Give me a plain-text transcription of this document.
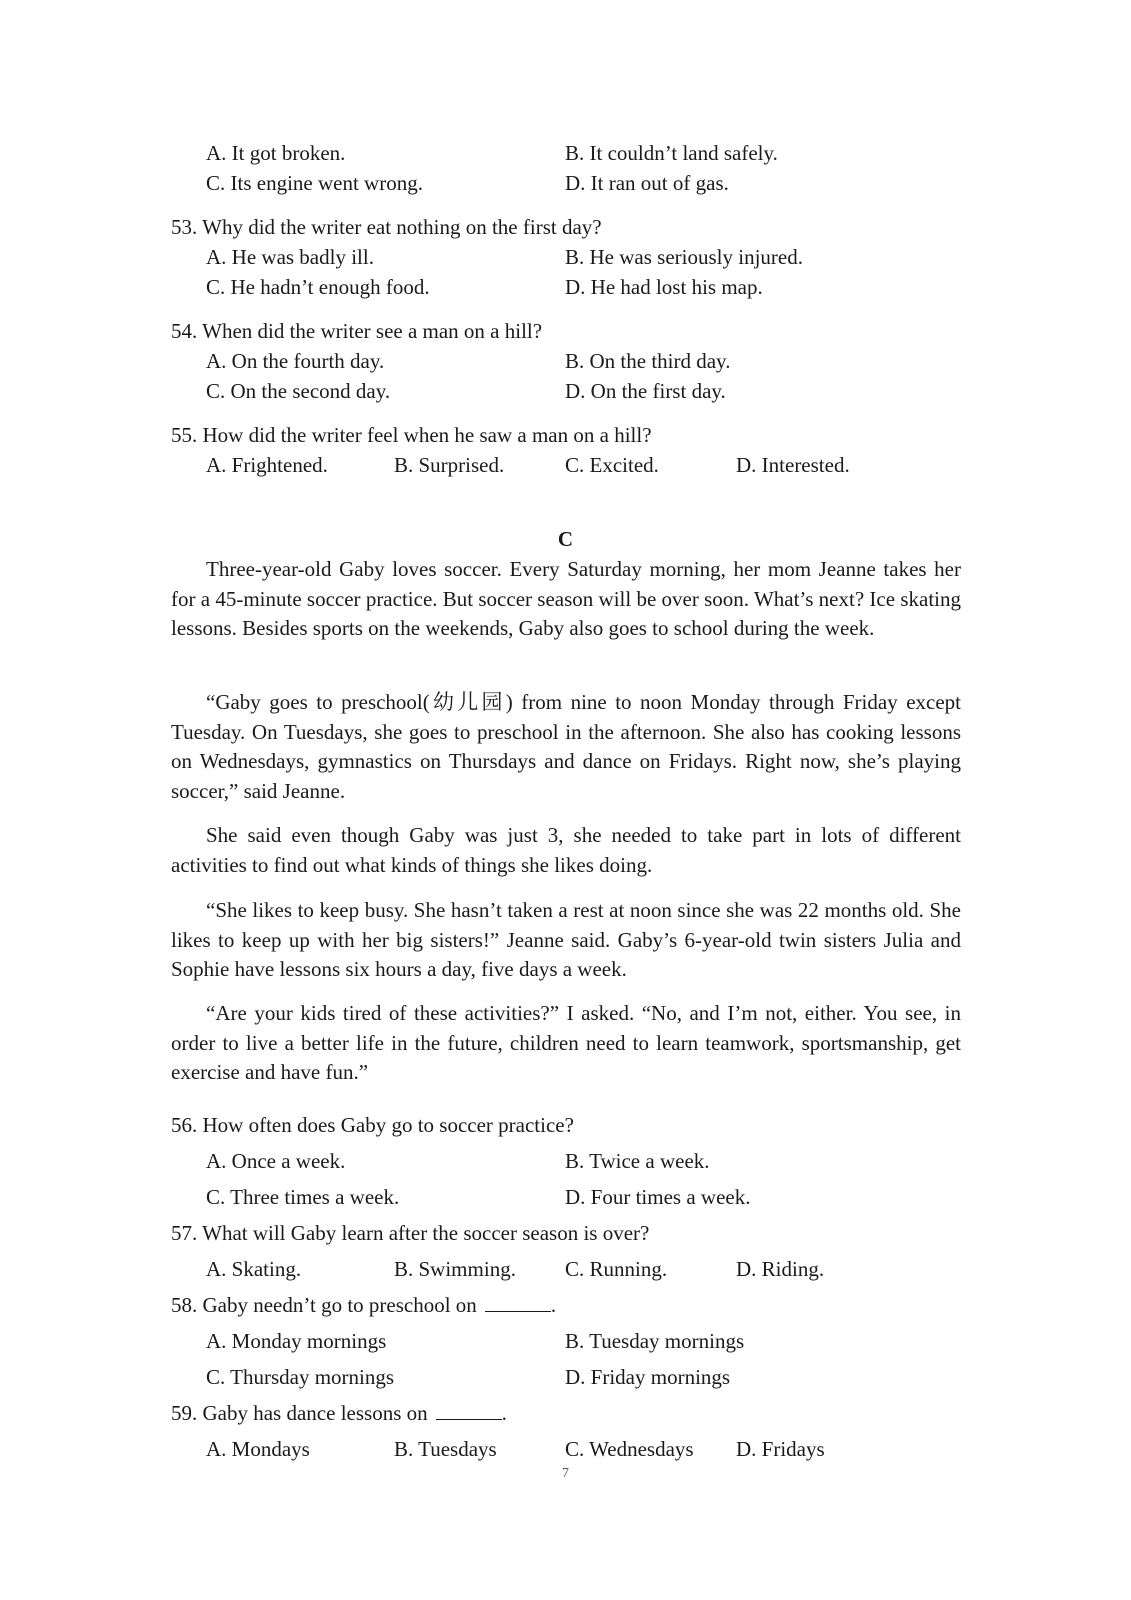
A. It got broken.	B. It couldn’t land safely.
C. Its engine went wrong.	D. It ran out of gas.
53. Why did the writer eat nothing on the first day?
A. He was badly ill.	B. He was seriously injured.
C. He hadn’t enough food.	D. He had lost his map.
54. When did the writer see a man on a hill?
A. On the fourth day.	B. On the third day.
C. On the second day.	D. On the first day.
55. How did the writer feel when he saw a man on a hill?
A. Frightened.	B. Surprised.	C. Excited.	D. Interested.
C
Three-year-old Gaby loves soccer. Every Saturday morning, her mom Jeanne takes her for a 45-minute soccer practice. But soccer season will be over soon. What’s next? Ice skating lessons. Besides sports on the weekends, Gaby also goes to school during the week.
“Gaby goes to preschool(幼儿园) from nine to noon Monday through Friday except Tuesday. On Tuesdays, she goes to preschool in the afternoon. She also has cooking lessons on Wednesdays, gymnastics on Thursdays and dance on Fridays. Right now, she’s playing soccer,” said Jeanne.
She said even though Gaby was just 3, she needed to take part in lots of different activities to find out what kinds of things she likes doing.
“She likes to keep busy. She hasn’t taken a rest at noon since she was 22 months old. She likes to keep up with her big sisters!” Jeanne said. Gaby’s 6-year-old twin sisters Julia and Sophie have lessons six hours a day, five days a week.
“Are your kids tired of these activities?” I asked. “No, and I’m not, either. You see, in order to live a better life in the future, children need to learn teamwork, sportsmanship, get exercise and have fun.”
56. How often does Gaby go to soccer practice?
A. Once a week.	B. Twice a week.
C. Three times a week.	D. Four times a week.
57. What will Gaby learn after the soccer season is over?
A. Skating.	B. Swimming. C. Running.	D. Riding.
58. Gaby needn’t go to preschool on	.
A. Monday mornings	B. Tuesday mornings
C. Thursday mornings	D. Friday mornings
59. Gaby has dance lessons on	.
A. Mondays	B. Tuesdays	C. Wednesdays D. Fridays
7
